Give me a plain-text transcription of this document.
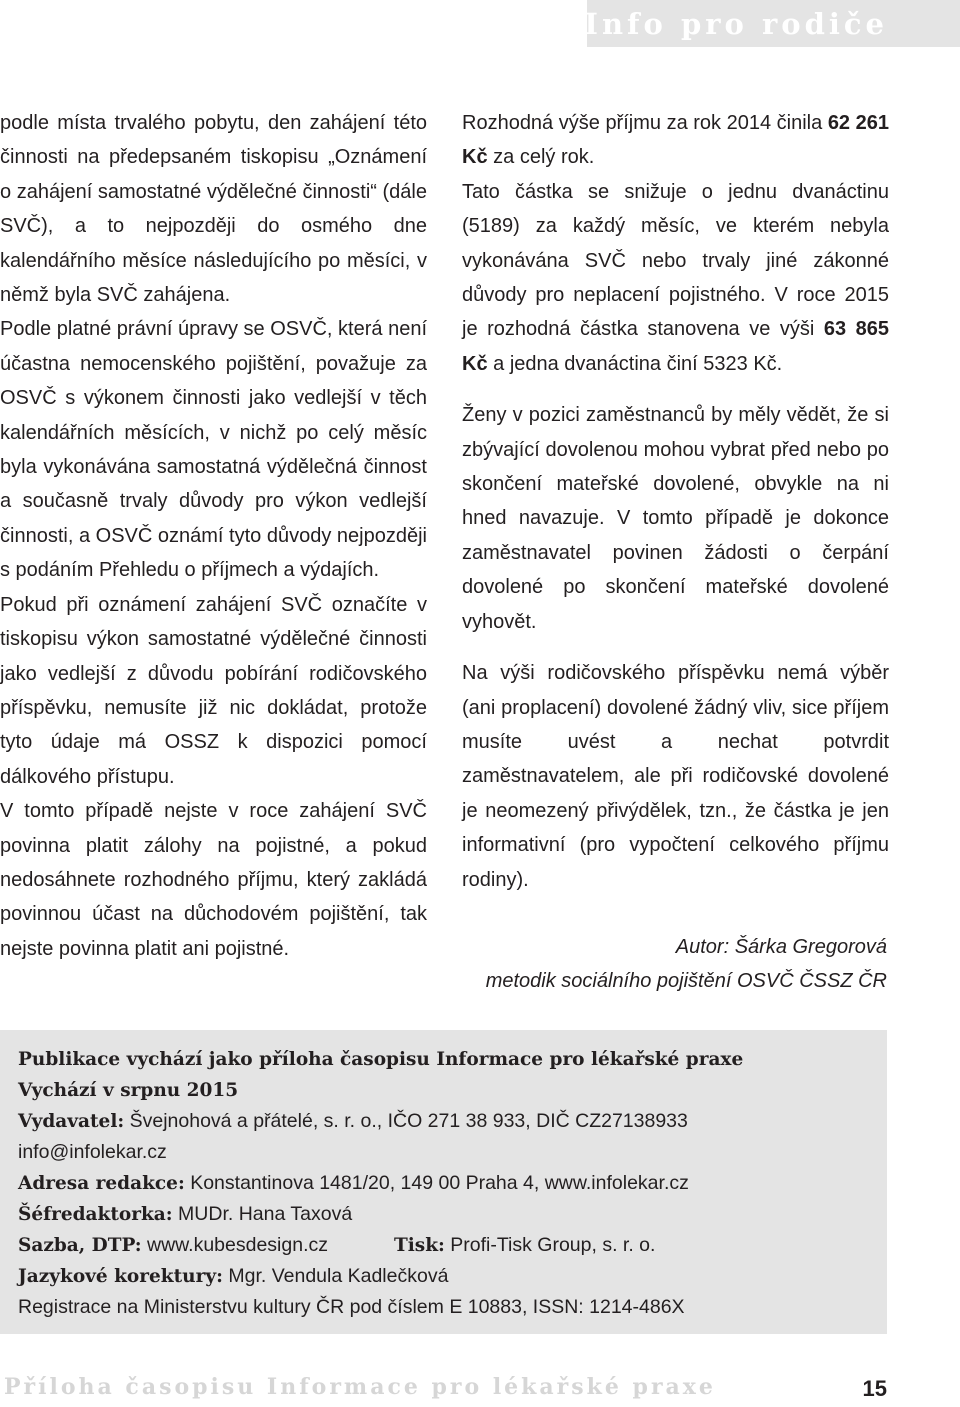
Info pro rodiče

podle místa trvalého pobytu, den zahájení této činnosti na předepsaném tiskopisu „Oznámení o zahájení samostatné výdělečné činnosti“ (dále SVČ), a to nejpozději do osmého dne kalendářního měsíce následujícího po měsíci, v němž byla SVČ zahájena.

Podle platné právní úpravy se OSVČ, která není účastna nemocenského pojištění, považuje za OSVČ s výkonem činnosti jako vedlejší v těch kalendářních měsících, v nichž po celý měsíc byla vykonávána samostatná výdělečná činnost a současně trvaly důvody pro výkon vedlejší činnosti, a OSVČ oznámí tyto důvody nejpozději s podáním Přehledu o příjmech a výdajích.

Pokud při oznámení zahájení SVČ označíte v tiskopisu výkon samostatné výdělečné činnosti jako vedlejší z důvodu pobírání rodičovského příspěvku, nemusíte již nic dokládat, protože tyto údaje má OSSZ k dispozici pomocí dálkového přístupu.

V tomto případě nejste v roce zahájení SVČ povinna platit zálohy na pojistné, a pokud nedosáhnete rozhodného příjmu, který zakládá povinnou účast na důchodovém pojištění, tak nejste povinna platit ani pojistné.

Rozhodná výše příjmu za rok 2014 činila 62 261 Kč za celý rok.

Tato částka se snižuje o jednu dvanáctinu (5189) za každý měsíc, ve kterém nebyla vykonávána SVČ nebo trvaly jiné zákonné důvody pro neplacení pojistného. V roce 2015 je rozhodná částka stanovena ve výši 63 865 Kč a jedna dvanáctina činí 5323 Kč.

Ženy v pozici zaměstnanců by měly vědět, že si zbývající dovolenou mohou vybrat před nebo po skončení mateřské dovolené, obvykle na ni hned navazuje. V tomto případě je dokonce zaměstnavatel povinen žádosti o čerpání dovolené po skončení mateřské dovolené vyhovět.

Na výši rodičovského příspěvku nemá výběr (ani proplacení) dovolené žádný vliv, sice příjem musíte uvést a nechat potvrdit zaměstnavatelem, ale při rodičovské dovolené je neomezený přivýdělek, tzn., že částka je jen informativní (pro vypočtení celkového příjmu rodiny).

Autor: Šárka Gregorová
metodik sociálního pojištění OSVČ ČSSZ ČR
Publikace vychází jako příloha časopisu Informace pro lékařské praxe
Vychází v srpnu 2015
Vydavatel: Švejnohová a přátelé, s. r. o., IČO 271 38 933, DIČ CZ27138933
info@infolekar.cz
Adresa redakce: Konstantinova 1481/20, 149 00 Praha 4, www.infolekar.cz
Šéfredaktorka: MUDr. Hana Taxová
Sazba, DTP: www.kubesdesign.cz	Tisk: Profi-Tisk Group, s. r. o.
Jazykové korektury: Mgr. Vendula Kadlečková
Registrace na Ministerstvu kultury ČR pod číslem E 10883, ISSN: 1214-486X
Příloha časopisu Informace pro lékařské praxe	15
